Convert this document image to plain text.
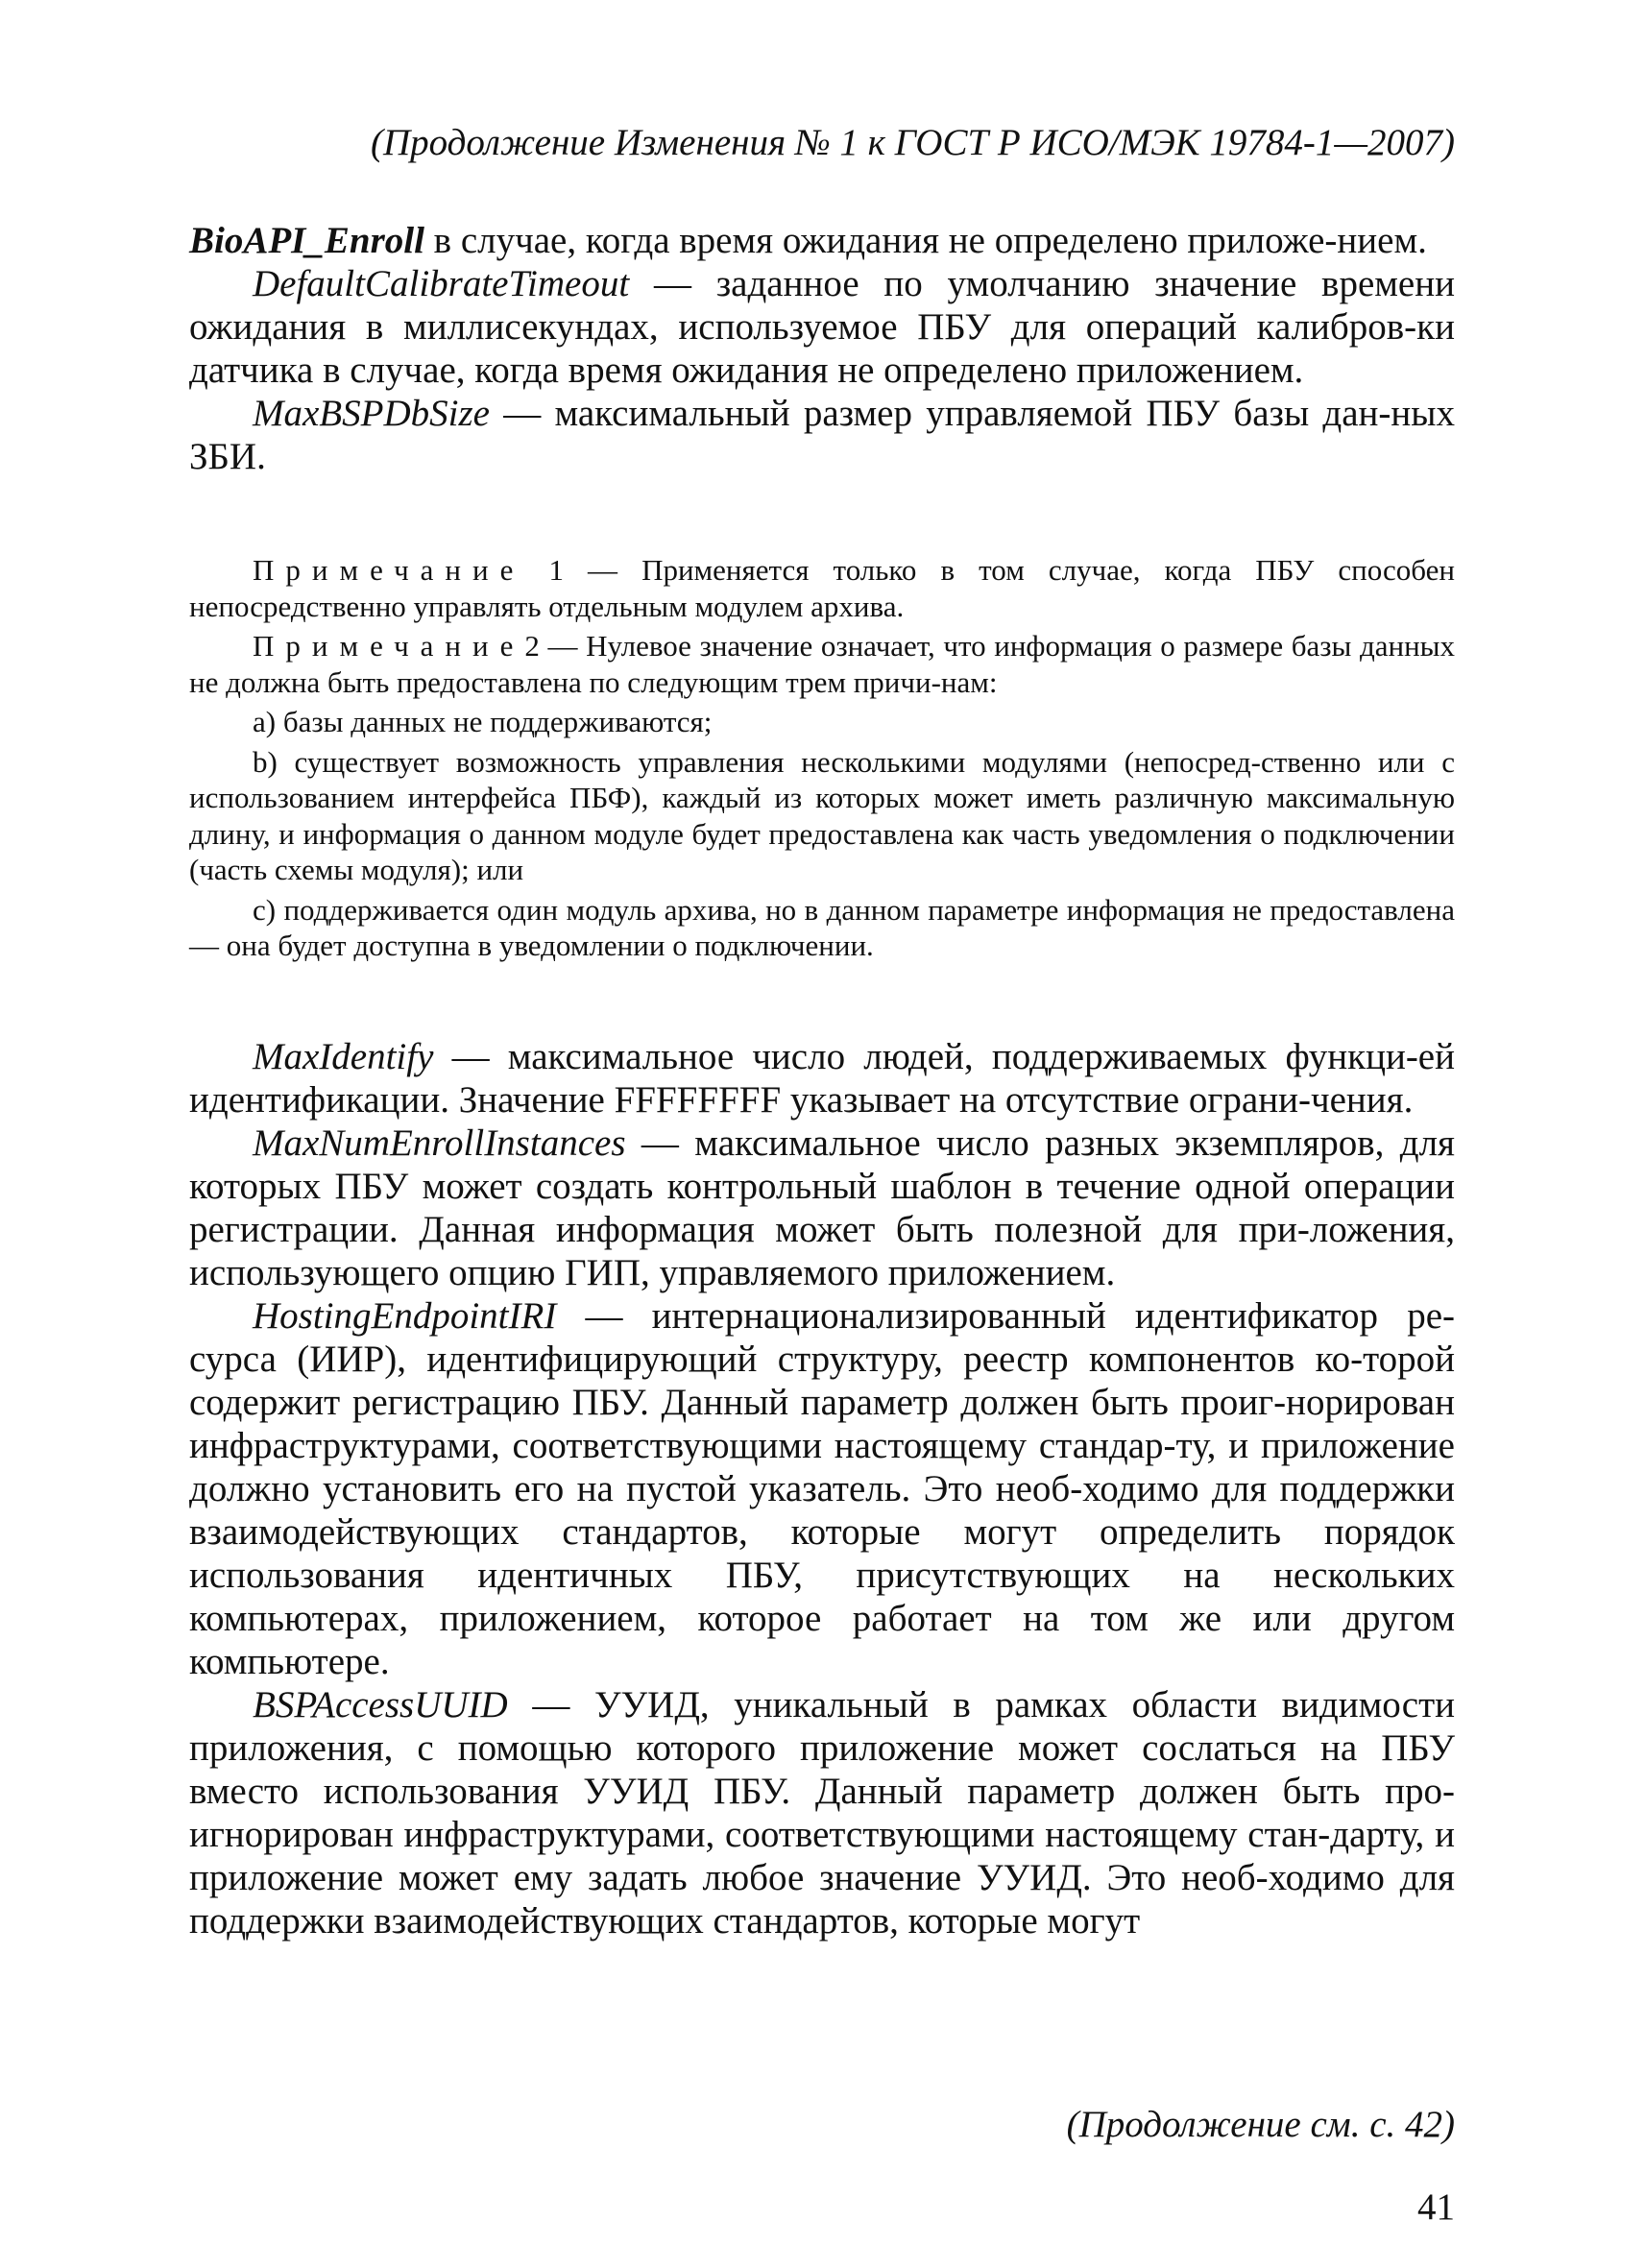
(Продолжение Изменения № 1 к ГОСТ Р ИСО/МЭК 19784-1—2007)

BioAPI_Enroll в случае, когда время ожидания не определено приложе-нием.

DefaultCalibrateTimeout — заданное по умолчанию значение времени ожидания в миллисекундах, используемое ПБУ для операций калибров-ки датчика в случае, когда время ожидания не определено приложением.

MaxBSPDbSize — максимальный размер управляемой ПБУ базы дан-ных ЗБИ.

Примечание 1 — Применяется только в том случае, когда ПБУ способен непосредственно управлять отдельным модулем архива.

Примечание2 — Нулевое значение означает, что информация о размере базы данных не должна быть предоставлена по следующим трем причи-нам:

a) базы данных не поддерживаются;

b) существует возможность управления несколькими модулями (непосред-ственно или с использованием интерфейса ПБФ), каждый из которых может иметь различную максимальную длину, и информация о данном модуле будет предоставлена как часть уведомления о подключении (часть схемы модуля); или

c) поддерживается один модуль архива, но в данном параметре информация не предоставлена — она будет доступна в уведомлении о подключении.

MaxIdentify — максимальное число людей, поддерживаемых функци-ей идентификации. Значение FFFFFFFF указывает на отсутствие ограни-чения.

MaxNumEnrollInstances — максимальное число разных экземпляров, для которых ПБУ может создать контрольный шаблон в течение одной операции регистрации. Данная информация может быть полезной для при-ложения, использующего опцию ГИП, управляемого приложением.

HostingEndpointIRI — интернационализированный идентификатор ре-сурса (ИИР), идентифицирующий структуру, реестр компонентов ко-торой содержит регистрацию ПБУ. Данный параметр должен быть проиг-норирован инфраструктурами, соответствующими настоящему стандар-ту, и приложение должно установить его на пустой указатель. Это необ-ходимо для поддержки взаимодействующих стандартов, которые могут определить порядок использования идентичных ПБУ, присутствующих на нескольких компьютерах, приложением, которое работает на том же или другом компьютере.

BSPAccessUUID — УУИД, уникальный в рамках области видимости приложения, с помощью которого приложение может сослаться на ПБУ вместо использования УУИД ПБУ. Данный параметр должен быть про-игнорирован инфраструктурами, соответствующими настоящему стан-дарту, и приложение может ему задать любое значение УУИД. Это необ-ходимо для поддержки взаимодействующих стандартов, которые могут

(Продолжение см. с. 42)
41
